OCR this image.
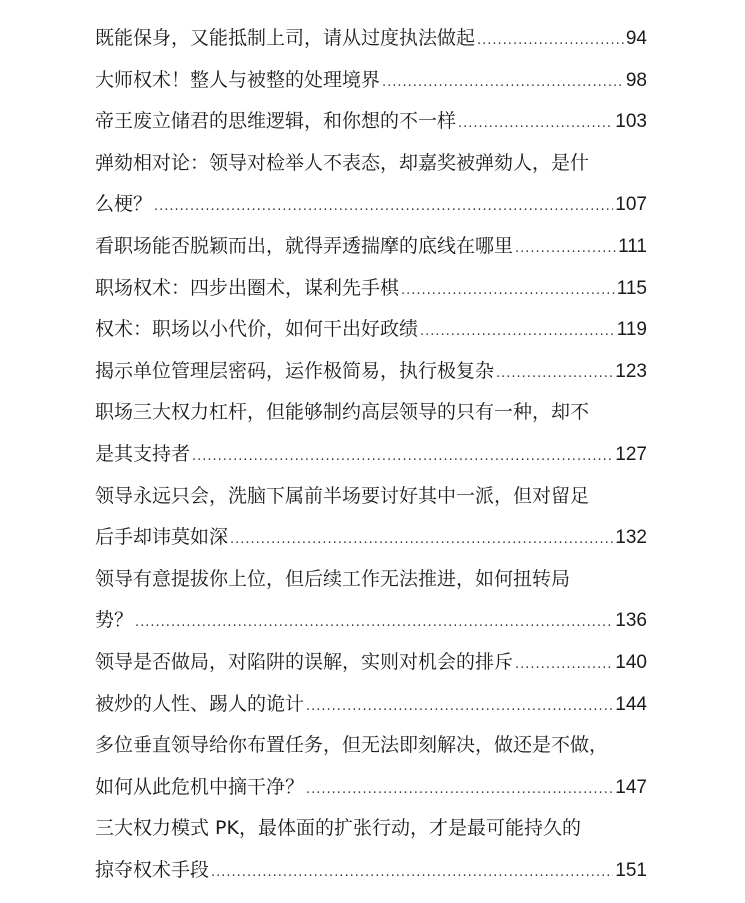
既能保身，又能抵制上司，请从过度执法做起 .....	94
大师权术！整人与被整的处理境界 .....	98
帝王废立储君的思维逻辑，和你想的不一样 .....	103
弹劾相对论：领导对检举人不表态，却嘉奖被弹劾人，是什
么梗？ .....	107
看职场能否脱颖而出，就得弄透揣摩的底线在哪里 .....	111
职场权术：四步出圈术，谋利先手棋 .....	115
权术：职场以小代价，如何干出好政绩 .....	119
揭示单位管理层密码，运作极简易，执行极复杂 .....	123
职场三大权力杠杆，但能够制约高层领导的只有一种，却不
是其支持者 .....	127
领导永远只会，洗脑下属前半场要讨好其中一派，但对留足
后手却讳莫如深 .....	132
领导有意提拔你上位，但后续工作无法推进，如何扭转局
势？ .....	136
领导是否做局，对陷阱的误解，实则对机会的排斥 .....	140
被炒的人性、踢人的诡计 .....	144
多位垂直领导给你布置任务，但无法即刻解决，做还是不做，
如何从此危机中摘干净？ .....	147
三大权力模式 PK，最体面的扩张行动，才是最可能持久的
掠夺权术手段 .....	151
